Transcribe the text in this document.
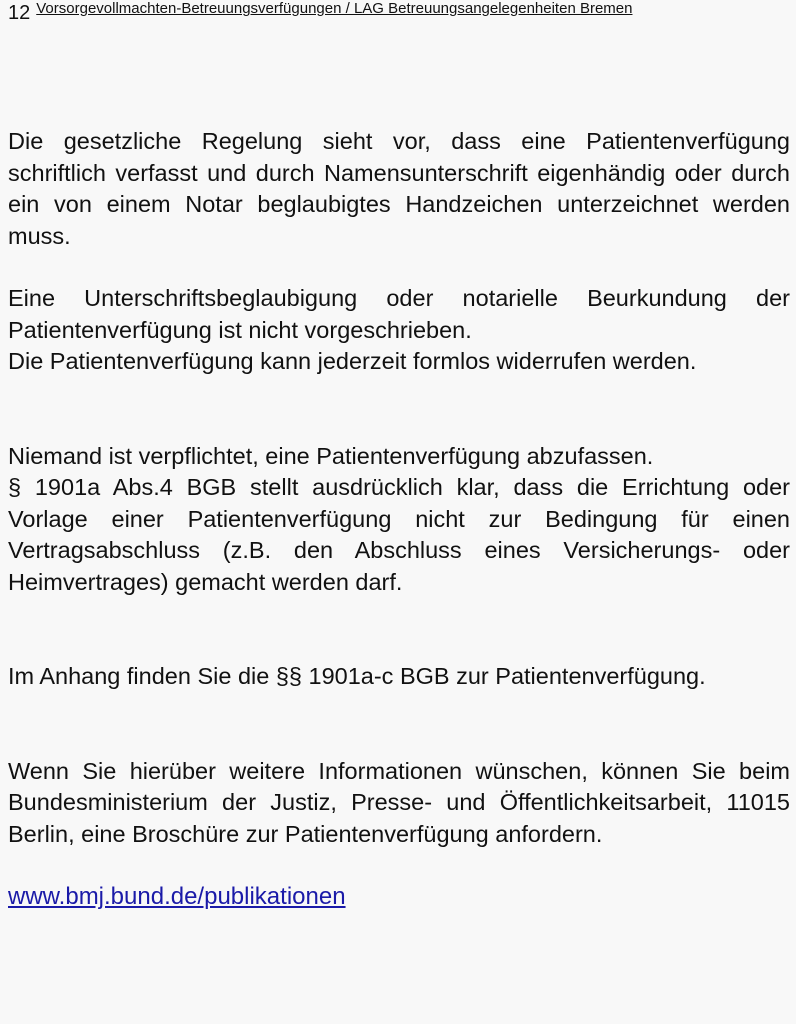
12 Vorsorgevollmachten-Betreuungsverfügungen / LAG Betreuungsangelegenheiten Bremen

Die gesetzliche Regelung sieht vor, dass eine Patientenverfügung schriftlich verfasst und durch Namensunterschrift eigenhändig oder durch ein von einem Notar beglaubigtes Handzeichen unterzeichnet werden muss.

Eine Unterschriftsbeglaubigung oder notarielle Beurkundung der Patientenverfügung ist nicht vorgeschrieben.

Die Patientenverfügung kann jederzeit formlos widerrufen werden.

Niemand ist verpflichtet, eine Patientenverfügung abzufassen.

§ 1901a Abs.4 BGB stellt ausdrücklich klar, dass die Errichtung oder Vorlage einer Patientenverfügung nicht zur Bedingung für einen Vertragsabschluss (z.B. den Abschluss eines Versicherungs- oder Heimvertrages) gemacht werden darf.

Im Anhang finden Sie die §§ 1901a-c BGB zur Patientenverfügung.

Wenn Sie hierüber weitere Informationen wünschen, können Sie beim Bundesministerium der Justiz, Presse- und Öffentlichkeitsarbeit, 11015 Berlin, eine Broschüre zur Patientenverfügung anfordern.

www.bmj.bund.de/publikationen
